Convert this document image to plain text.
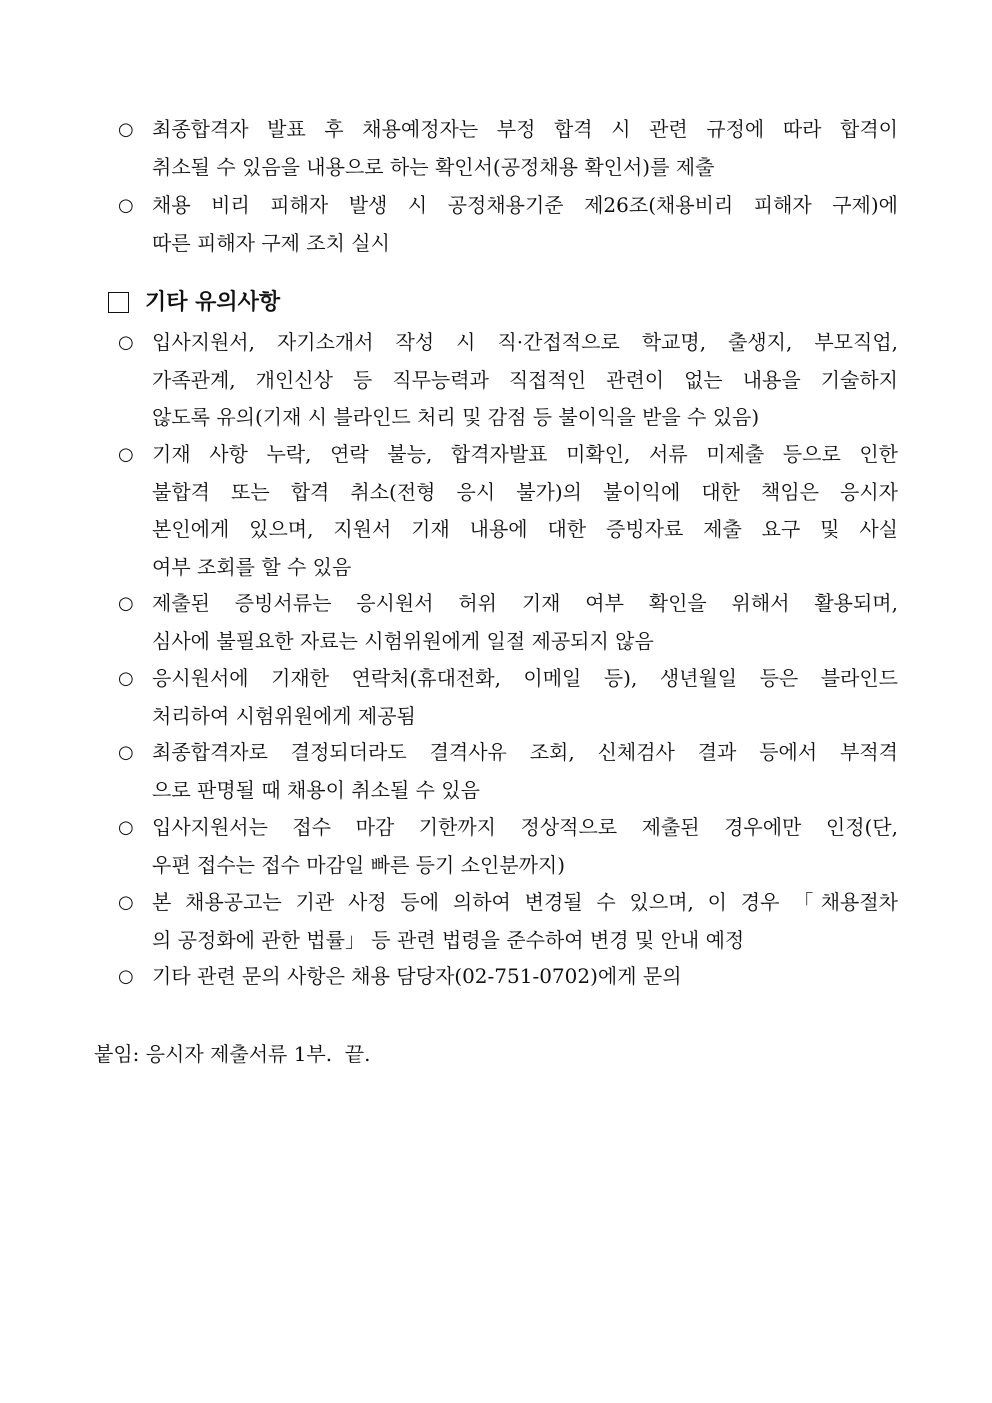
○ 최종합격자 발표 후 채용예정자는 부정 합격 시 관련 규정에 따라 합격이
취소될 수 있음을 내용으로 하는 확인서(공정채용 확인서)를 제출
○ 채용 비리 피해자 발생 시 공정채용기준 제26조(채용비리 피해자 구제)에
따른 피해자 구제 조치 실시
기타 유의사항
○ 입사지원서, 자기소개서 작성 시 직·간접적으로 학교명, 출생지, 부모직업,
가족관계, 개인신상 등 직무능력과 직접적인 관련이 없는 내용을 기술하지
않도록 유의(기재 시 블라인드 처리 및 감점 등 불이익을 받을 수 있음)
○ 기재 사항 누락, 연락 불능, 합격자발표 미확인, 서류 미제출 등으로 인한
불합격 또는 합격 취소(전형 응시 불가)의 불이익에 대한 책임은 응시자
본인에게 있으며, 지원서 기재 내용에 대한 증빙자료 제출 요구 및 사실
여부 조회를 할 수 있음
○ 제출된 증빙서류는 응시원서 허위 기재 여부 확인을 위해서 활용되며,
심사에 불필요한 자료는 시험위원에게 일절 제공되지 않음
○ 응시원서에 기재한 연락처(휴대전화, 이메일 등), 생년월일 등은 블라인드
처리하여 시험위원에게 제공됨
○ 최종합격자로 결정되더라도 결격사유 조회, 신체검사 결과 등에서 부적격
으로 판명될 때 채용이 취소될 수 있음
○ 입사지원서는 접수 마감 기한까지 정상적으로 제출된 경우에만 인정(단,
우편 접수는 접수 마감일 빠른 등기 소인분까지)
○ 본 채용공고는 기관 사정 등에 의하여 변경될 수 있으며, 이 경우 「채용절차
의 공정화에 관한 법률」 등 관련 법령을 준수하여 변경 및 안내 예정
○ 기타 관련 문의 사항은 채용 담당자(02-751-0702)에게 문의
붙임: 응시자 제출서류 1부.  끝.
